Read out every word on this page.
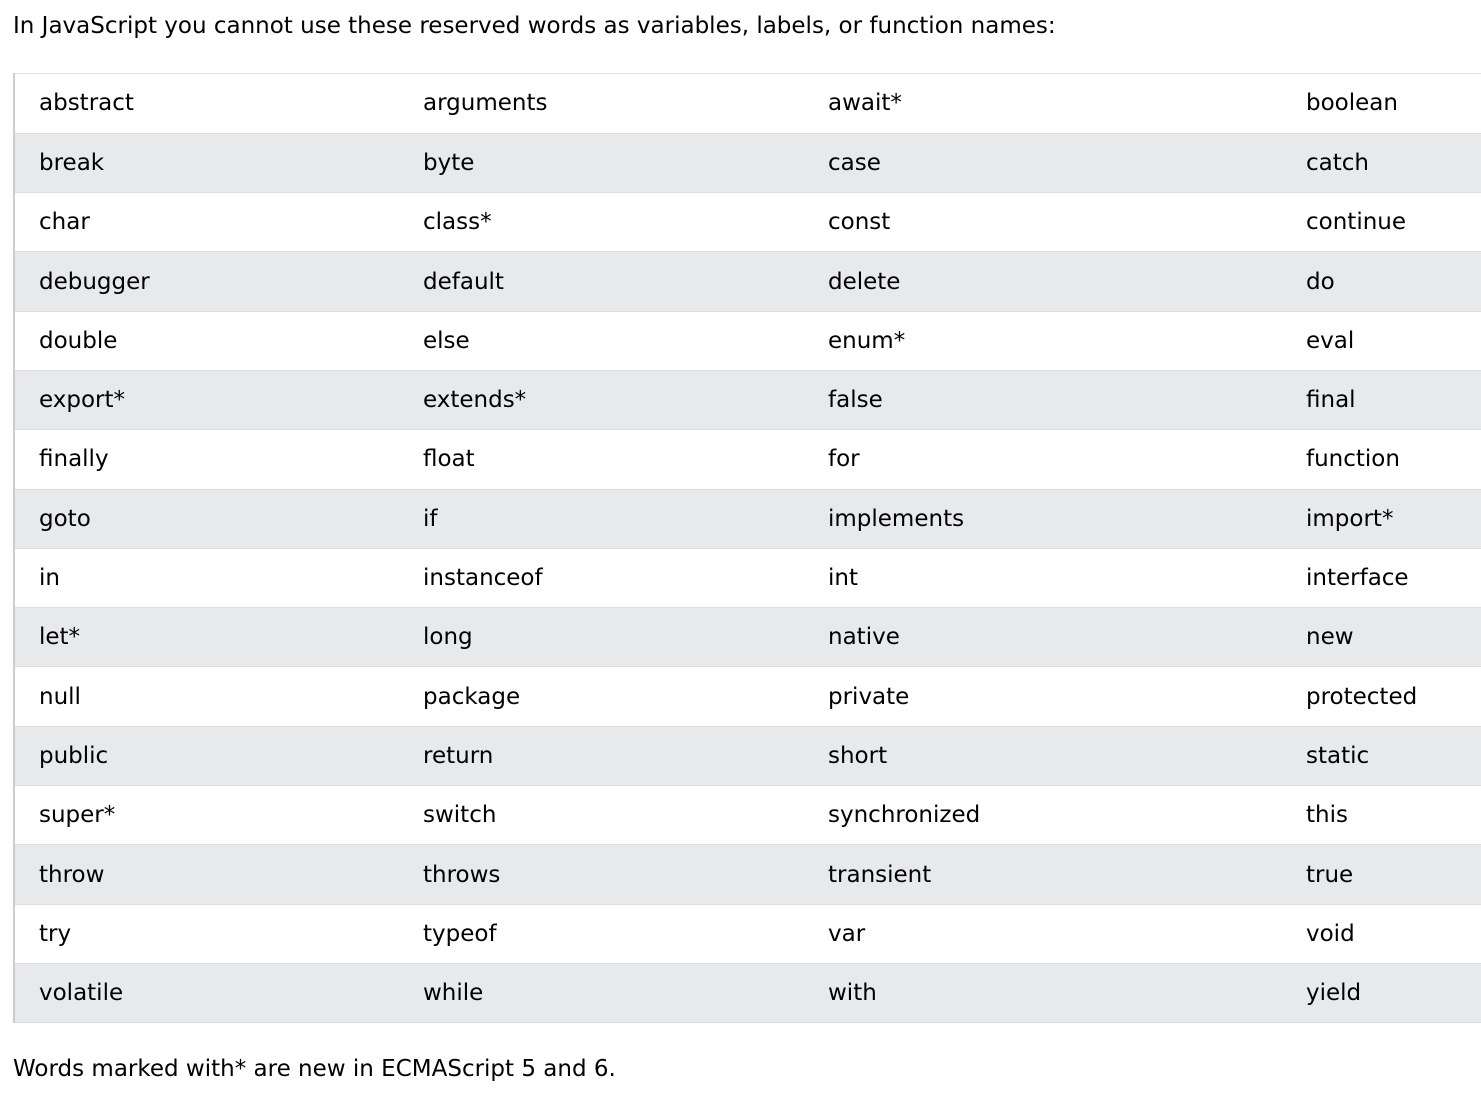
In JavaScript you cannot use these reserved words as variables, labels, or function names:

abstract	arguments	await*	boolean
break	byte	case	catch
char	class*	const	continue
debugger	default	delete	do
double	else	enum*	eval
export*	extends*	false	final
finally	float	for	function
goto	if	implements	import*
in	instanceof	int	interface
let*	long	native	new
null	package	private	protected
public	return	short	static
super*	switch	synchronized	this
throw	throws	transient	true
try	typeof	var	void
volatile	while	with	yield

Words marked with* are new in ECMAScript 5 and 6.
